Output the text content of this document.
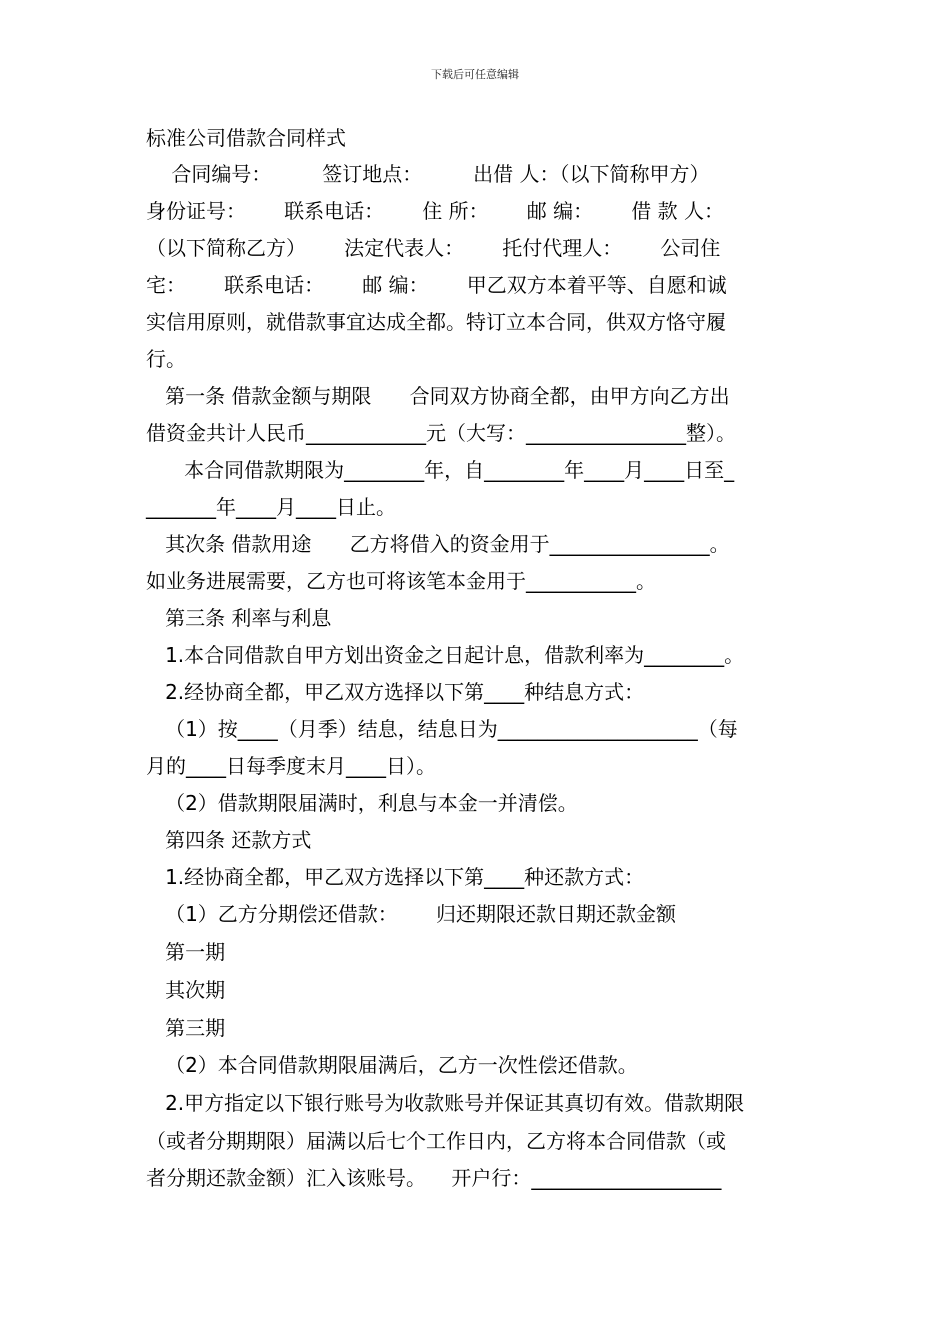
下载后可任意编辑
标准公司借款合同样式
合同编号：        签订地点：        出借 人：（以下简称甲方）
身份证号：      联系电话：      住 所：      邮 编：      借 款 人：
（以下简称乙方）      法定代表人：      托付代理人：      公司住
宅：      联系电话：      邮 编：      甲乙双方本着平等、自愿和诚
实信用原则，就借款事宜达成全都。特订立本合同，供双方恪守履
行。
第一条 借款金额与期限      合同双方协商全都，由甲方向乙方出
借资金共计人民币____________元（大写：________________整）。
本合同借款期限为________年，自________年____月____日至_
_______年____月____日止。
其次条 借款用途      乙方将借入的资金用于________________。
如业务进展需要，乙方也可将该笔本金用于___________。
第三条 利率与利息
1.本合同借款自甲方划出资金之日起计息，借款利率为________。
2.经协商全都，甲乙双方选择以下第____种结息方式：
（1）按____（月季）结息，结息日为____________________（每
月的____日每季度末月____日）。
（2）借款期限届满时，利息与本金一并清偿。
第四条 还款方式
1.经协商全都，甲乙双方选择以下第____种还款方式：
（1）乙方分期偿还借款：      归还期限还款日期还款金额
第一期
其次期
第三期
（2）本合同借款期限届满后，乙方一次性偿还借款。
2.甲方指定以下银行账号为收款账号并保证其真切有效。借款期限
（或者分期期限）届满以后七个工作日内，乙方将本合同借款（或
者分期还款金额）汇入该账号。    开户行：___________________
